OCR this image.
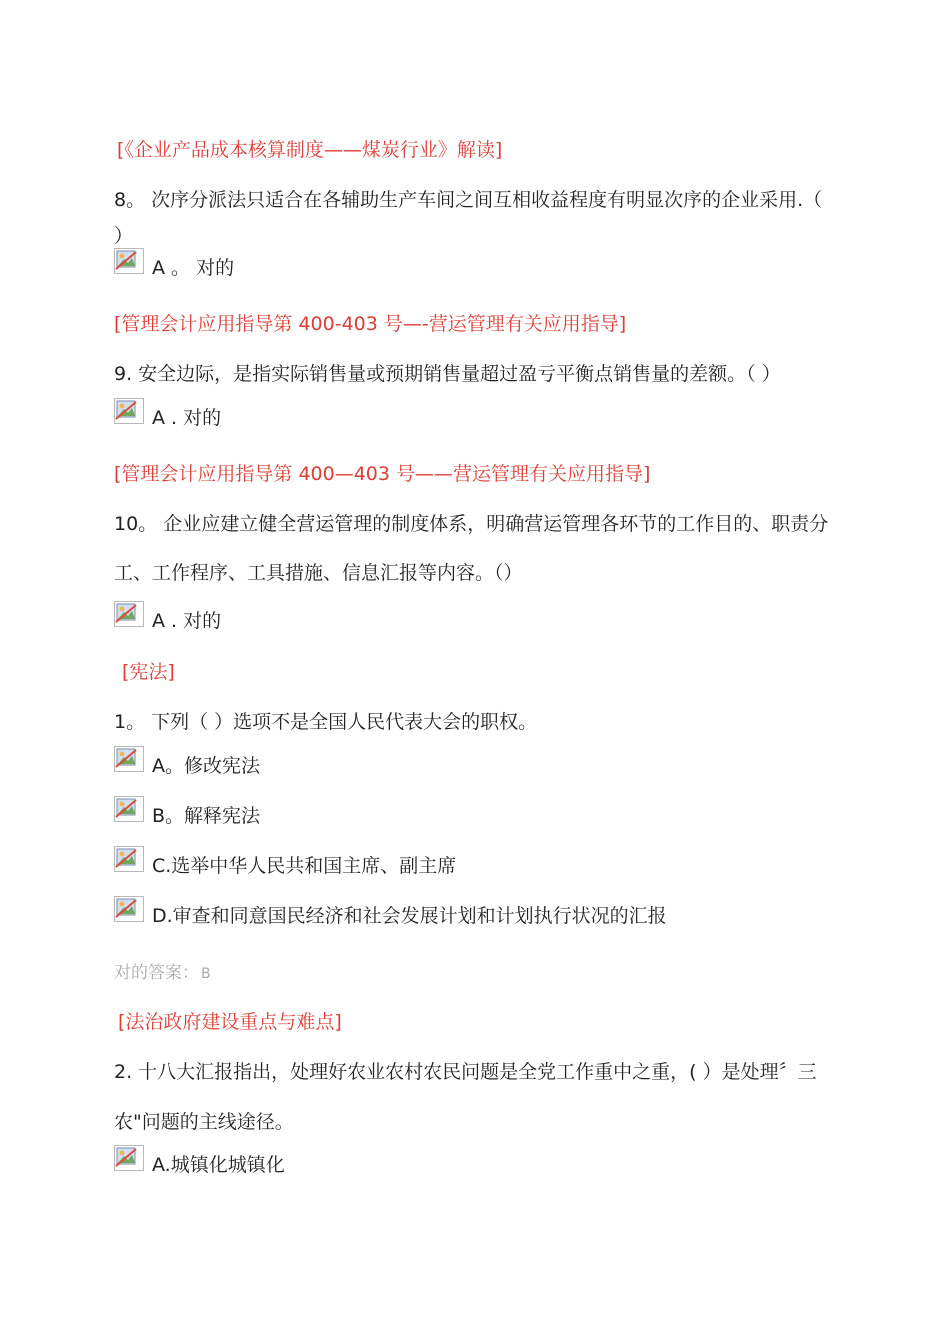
[《企业产品成本核算制度——煤炭行业》解读]
8。 次序分派法只适合在各辅助生产车间之间互相收益程度有明显次序的企业采用.（
）
A 。 对的
[管理会计应用指导第 400-403 号—-营运管理有关应用指导]
9. 安全边际，是指实际销售量或预期销售量超过盈亏平衡点销售量的差额。（ ）
A . 对的
[管理会计应用指导第 400—403 号——营运管理有关应用指导]
10。 企业应建立健全营运管理的制度体系，明确营运管理各环节的工作目的、职责分
工、工作程序、工具措施、信息汇报等内容。（）
A . 对的
[宪法]
1。 下列（ ）选项不是全国人民代表大会的职权。
A。修改宪法
B。解释宪法
C.选举中华人民共和国主席、副主席
D.审查和同意国民经济和社会发展计划和计划执行状况的汇报
对的答案： B
[法治政府建设重点与难点]
2. 十八大汇报指出，处理好农业农村农民问题是全党工作重中之重，( ）是处理〞三
农"问题的主线途径。
A.城镇化城镇化
